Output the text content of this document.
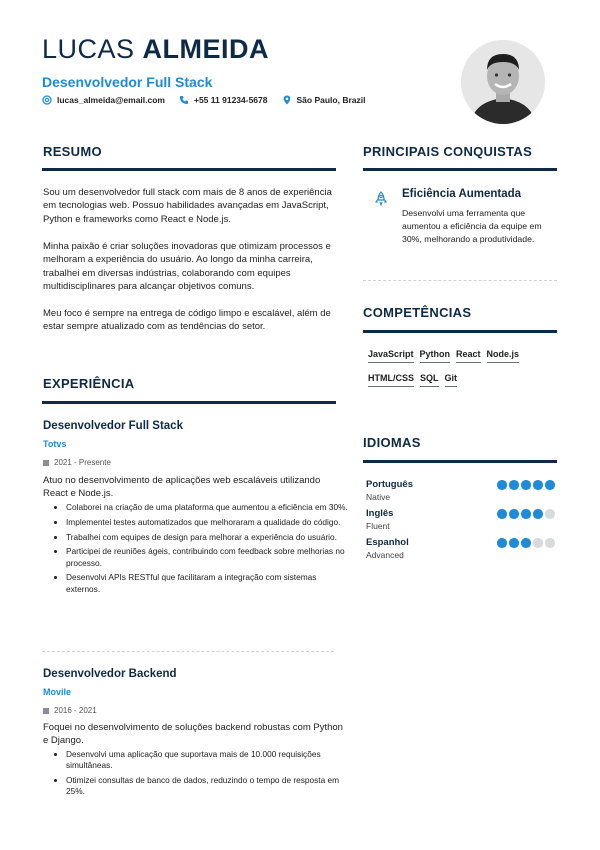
LUCAS ALMEIDA
Desenvolvedor Full Stack
lucas_almeida@email.com	+55 11 91234-5678	São Paulo, Brazil
RESUMO
Sou um desenvolvedor full stack com mais de 8 anos de experiência em tecnologias web. Possuo habilidades avançadas em JavaScript, Python e frameworks como React e Node.js.
Minha paixão é criar soluções inovadoras que otimizam processos e melhoram a experiência do usuário. Ao longo da minha carreira, trabalhei em diversas indústrias, colaborando com equipes multidisciplinares para alcançar objetivos comuns.
Meu foco é sempre na entrega de código limpo e escalável, além de estar sempre atualizado com as tendências do setor.
EXPERIÊNCIA
Desenvolvedor Full Stack
Totvs
2021 - Presente
Atuo no desenvolvimento de aplicações web escaláveis utilizando React e Node.js.
• Colaborei na criação de uma plataforma que aumentou a eficiência em 30%.
• Implementei testes automatizados que melhoraram a qualidade do código.
• Trabalhei com equipes de design para melhorar a experiência do usuário.
• Participei de reuniões ágeis, contribuindo com feedback sobre melhorias no processo.
• Desenvolvi APIs RESTful que facilitaram a integração com sistemas externos.
Desenvolvedor Backend
Movile
2016 - 2021
Foquei no desenvolvimento de soluções backend robustas com Python e Django.
• Desenvolvi uma aplicação que suportava mais de 10.000 requisições simultâneas.
• Otimizei consultas de banco de dados, reduzindo o tempo de resposta em 25%.
PRINCIPAIS CONQUISTAS
Eficiência Aumentada
Desenvolvi uma ferramenta que aumentou a eficiência da equipe em 30%, melhorando a produtividade.
COMPETÊNCIAS
JavaScript Python React Node.js
HTML/CSS SQL Git
IDIOMAS
Português
Native
Inglês
Fluent
Espanhol
Advanced
